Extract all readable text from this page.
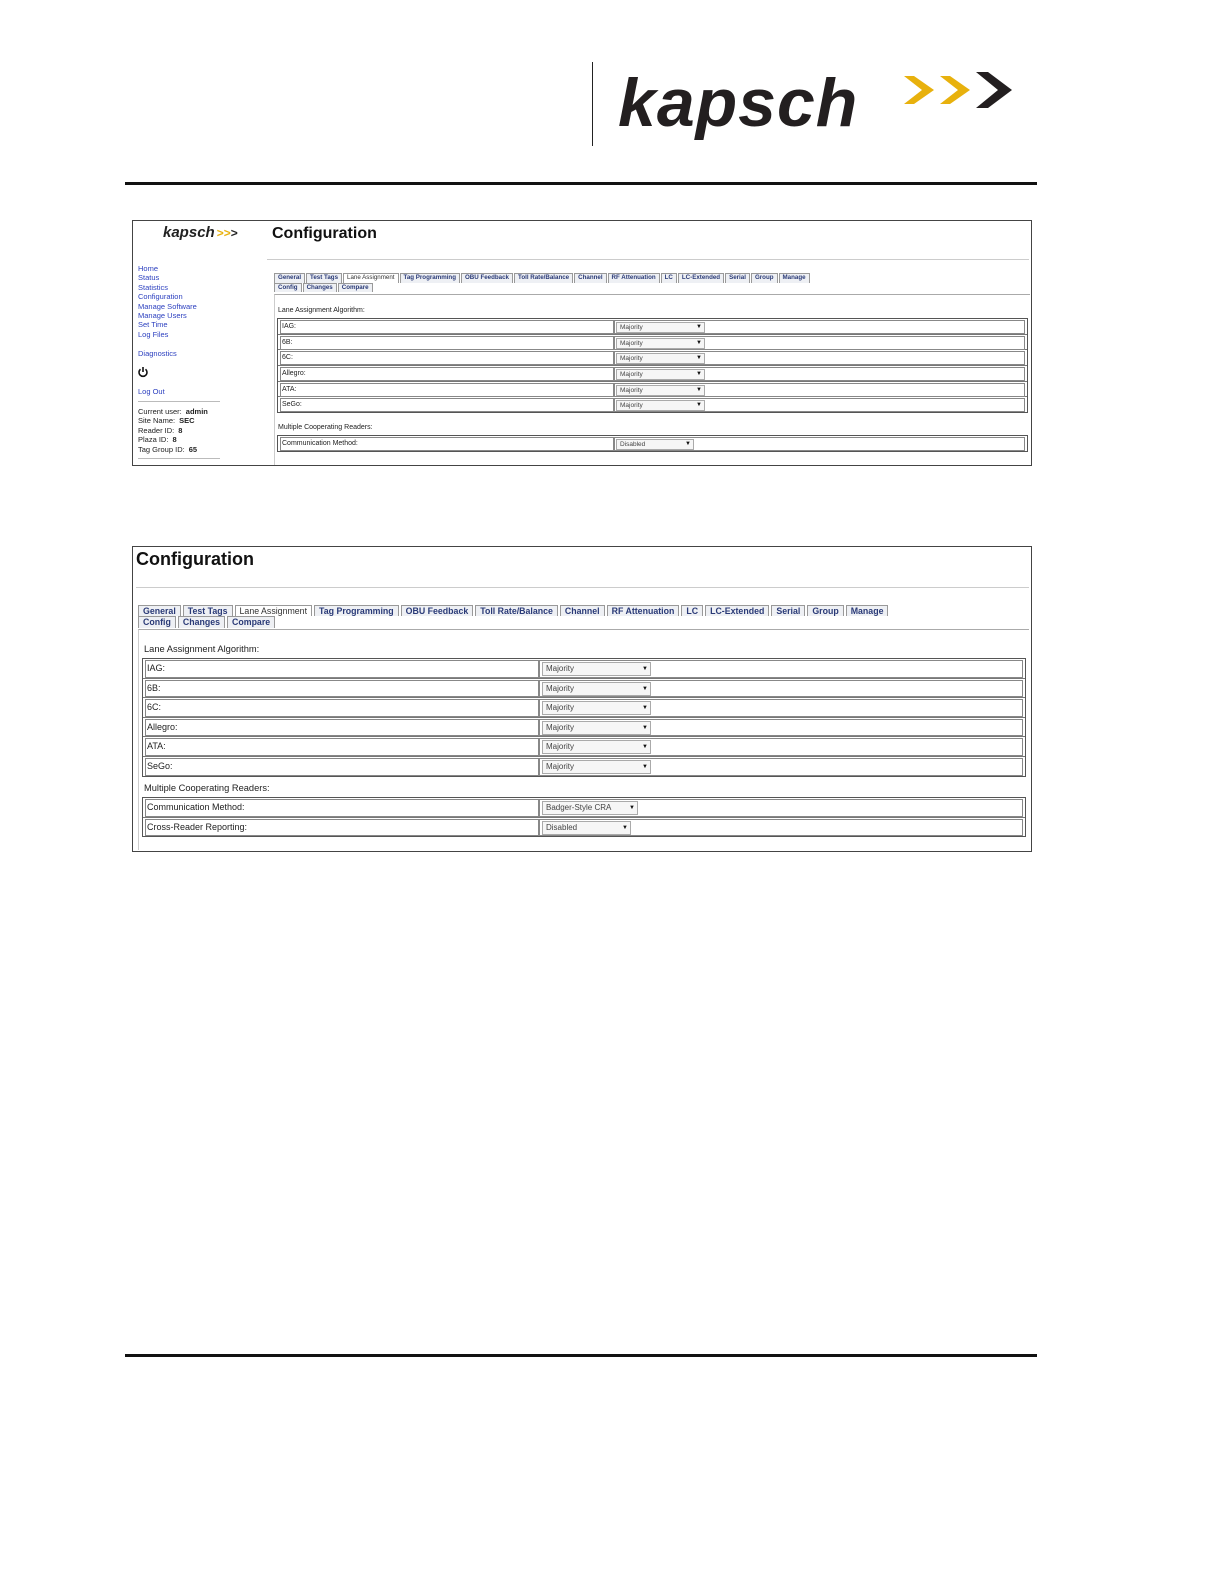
kapsch
kapsch >>> Configuration
Home
Status
Statistics
Configuration
Manage Software
Manage Users
Set Time
Log Files
Diagnostics
Log Out
Current user: admin
Site Name: SEC
Reader ID: 8
Plaza ID: 8
Tag Group ID: 65
General Test Tags Lane Assignment Tag Programming OBU Feedback Toll Rate/Balance Channel RF Attenuation LC LC-Extended Serial Group Manage
Config Changes Compare
Lane Assignment Algorithm:
IAG:	Majority	▼
6B:	Majority	▼
6C:	Majority	▼
Allegro:	Majority	▼
ATA:	Majority	▼
SeGo:	Majority	▼
Multiple Cooperating Readers:
Communication Method:	Disabled	▼
Configuration
General Test Tags Lane Assignment Tag Programming OBU Feedback Toll Rate/Balance Channel RF Attenuation LC LC-Extended Serial Group Manage
Config Changes Compare
Lane Assignment Algorithm:
IAG:	Majority	▼
6B:	Majority	▼
6C:	Majority	▼
Allegro:	Majority	▼
ATA:	Majority	▼
SeGo:	Majority	▼
Multiple Cooperating Readers:
Communication Method:	Badger-Style CRA	▼
Cross-Reader Reporting:	Disabled	▼
